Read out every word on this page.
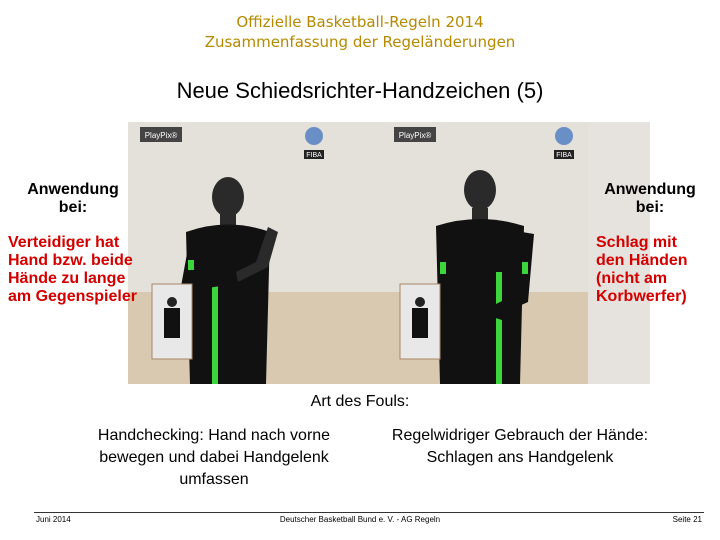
Offizielle Basketball-Regeln 2014
Zusammenfassung der Regeländerungen
Neue Schiedsrichter-Handzeichen (5)
PlayPix®
FIBA
PlayPix®
FIBA
Anwendung bei:
Verteidiger hat Hand bzw. beide Hände zu lange am Gegenspieler
Anwendung bei:
Schlag mit den Händen (nicht am Korbwerfer)
Art des Fouls:
Handchecking: Hand nach vorne bewegen und dabei Handgelenk umfassen
Regelwidriger Gebrauch der Hände: Schlagen ans Handgelenk
Juni 2014	Deutscher Basketball Bund e. V. - AG Regeln	Seite 21
